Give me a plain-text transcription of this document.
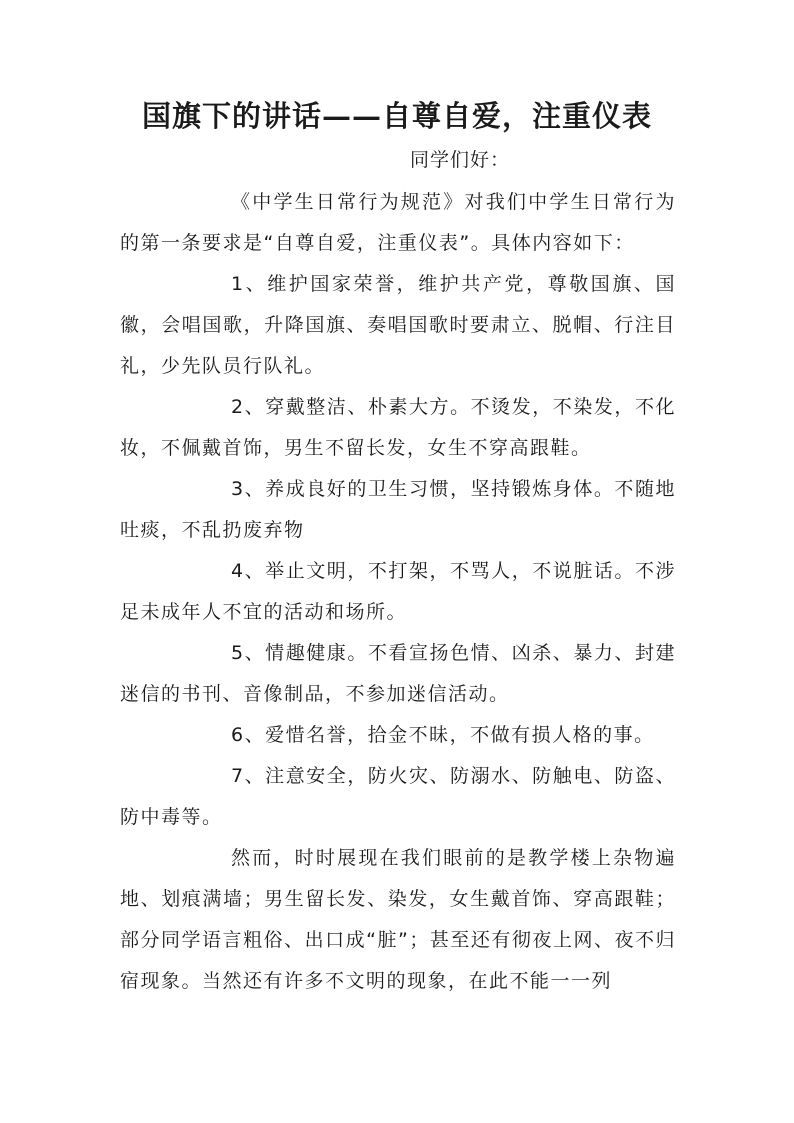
国旗下的讲话——自尊自爱，注重仪表

同学们好：

《中学生日常行为规范》对我们中学生日常行为的第一条要求是“自尊自爱，注重仪表”。具体内容如下：

1、维护国家荣誉，维护共产党，尊敬国旗、国徽，会唱国歌，升降国旗、奏唱国歌时要肃立、脱帽、行注目礼，少先队员行队礼。

2、穿戴整洁、朴素大方。不烫发，不染发，不化妆，不佩戴首饰，男生不留长发，女生不穿高跟鞋。

3、养成良好的卫生习惯，坚持锻炼身体。不随地吐痰，不乱扔废弃物

4、举止文明，不打架，不骂人，不说脏话。不涉足未成年人不宜的活动和场所。

5、情趣健康。不看宣扬色情、凶杀、暴力、封建迷信的书刊、音像制品，不参加迷信活动。

6、爱惜名誉，拾金不昧，不做有损人格的事。

7、注意安全，防火灾、防溺水、防触电、防盗、防中毒等。

然而，时时展现在我们眼前的是教学楼上杂物遍地、划痕满墙；男生留长发、染发，女生戴首饰、穿高跟鞋；部分同学语言粗俗、出口成“脏”；甚至还有彻夜上网、夜不归宿现象。当然还有许多不文明的现象，在此不能一一列
